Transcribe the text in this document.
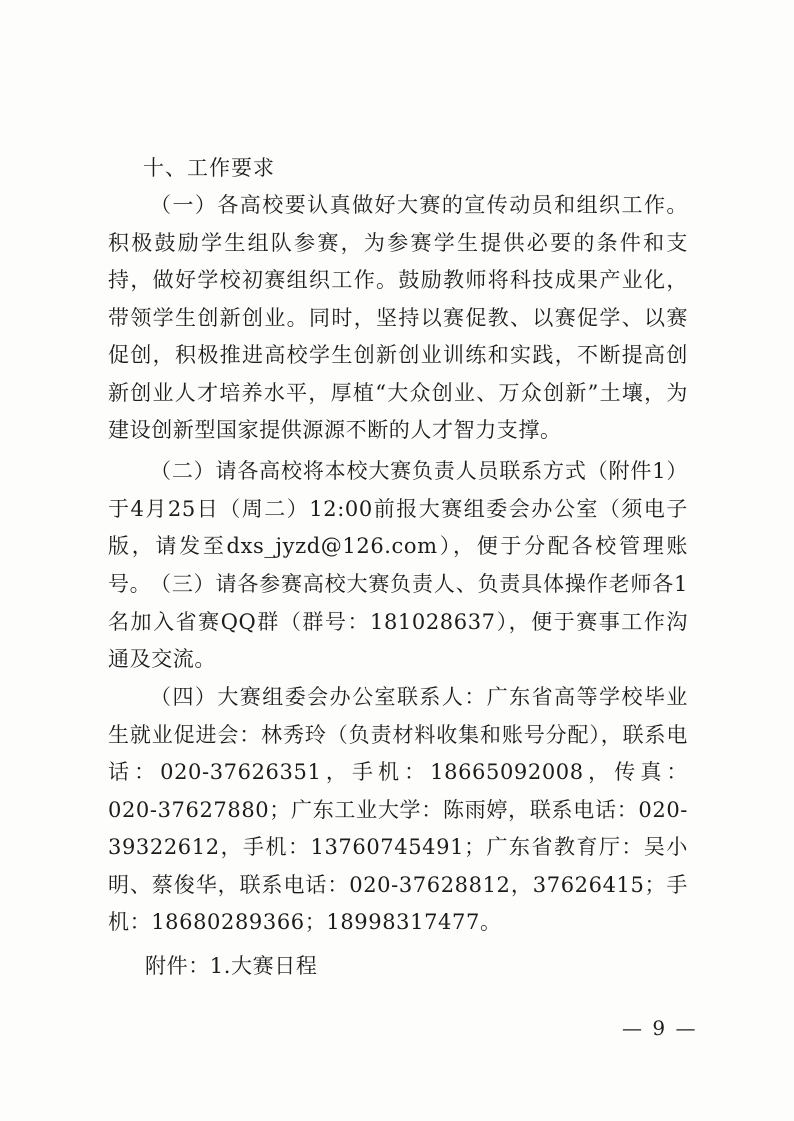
十、工作要求

（一）各高校要认真做好大赛的宣传动员和组织工作。积极鼓励学生组队参赛，为参赛学生提供必要的条件和支持，做好学校初赛组织工作。鼓励教师将科技成果产业化，带领学生创新创业。同时，坚持以赛促教、以赛促学、以赛促创，积极推进高校学生创新创业训练和实践，不断提高创新创业人才培养水平，厚植“大众创业、万众创新”土壤，为建设创新型国家提供源源不断的人才智力支撑。

（二）请各高校将本校大赛负责人员联系方式（附件1）于4月25日（周二）12:00前报大赛组委会办公室（须电子版，请发至dxs_jyzd@126.com），便于分配各校管理账号。

（三）请各参赛高校大赛负责人、负责具体操作老师各1名加入省赛QQ群（群号：181028637），便于赛事工作沟通及交流。

（四）大赛组委会办公室联系人：广东省高等学校毕业生就业促进会：林秀玲（负责材料收集和账号分配），联系电话：020-37626351，手机：18665092008，传真：020-37627880；广东工业大学：陈雨婷，联系电话：020-39322612，手机：13760745491；广东省教育厅：吴小明、蔡俊华，联系电话：020-37628812，37626415；手机：18680289366；18998317477。

附件：1.大赛日程
— 9 —
